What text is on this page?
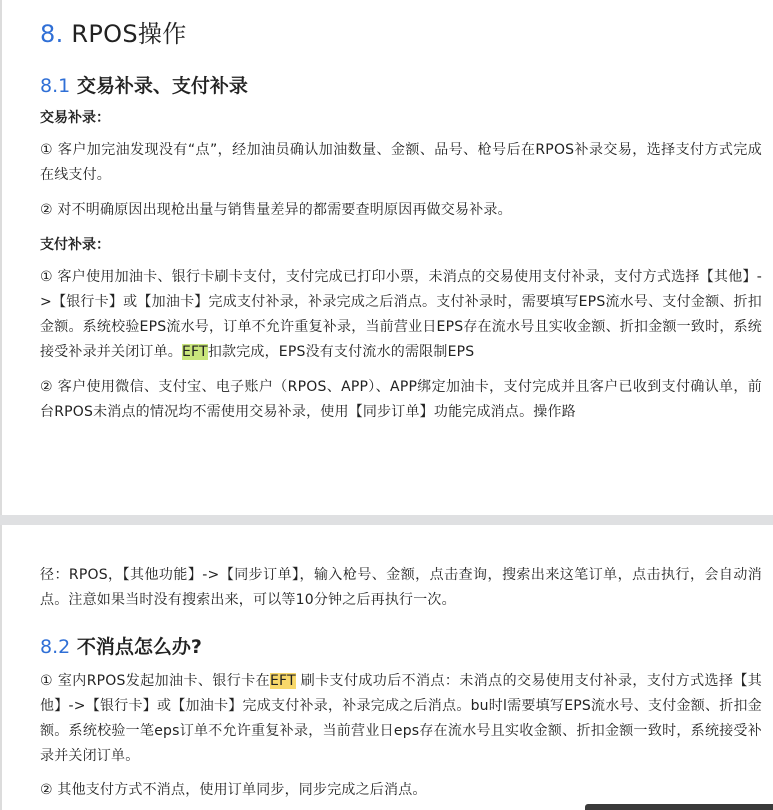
8. RPOS操作
8.1 交易补录、支付补录
交易补录：

① 客户加完油发现没有“点”，经加油员确认加油数量、金额、品号、枪号后在RPOS补录交易，选择支付方式完成在线支付。

② 对不明确原因出现枪出量与销售量差异的都需要查明原因再做交易补录。

支付补录：

① 客户使用加油卡、银行卡刷卡支付，支付完成已打印小票，未消点的交易使用支付补录，支付方式选择【其他】->【银行卡】或【加油卡】完成支付补录，补录完成之后消点。支付补录时，需要填写EPS流水号、支付金额、折扣金额。系统校验EPS流水号，订单不允许重复补录，当前营业日EPS存在流水号且实收金额、折扣金额一致时，系统接受补录并关闭订单。EFT扣款完成，EPS没有支付流水的需限制EPS

② 客户使用微信、支付宝、电子账户（RPOS、APP）、APP绑定加油卡，支付完成并且客户已收到支付确认单，前台RPOS未消点的情况均不需使用交易补录，使用【同步订单】功能完成消点。操作路

径：RPOS，【其他功能】->【同步订单】，输入枪号、金额，点击查询，搜索出来这笔订单，点击执行，会自动消点。注意如果当时没有搜索出来，可以等10分钟之后再执行一次。

8.2 不消点怎么办?

① 室内RPOS发起加油卡、银行卡在EFT 刷卡支付成功后不消点：未消点的交易使用支付补录，支付方式选择【其他】->【银行卡】或【加油卡】完成支付补录，补录完成之后消点。bu时l需要填写EPS流水号、支付金额、折扣金额。系统校验一笔eps订单不允许重复补录，当前营业日eps存在流水号且实收金额、折扣金额一致时，系统接受补录并关闭订单。

② 其他支付方式不消点，使用订单同步，同步完成之后消点。
